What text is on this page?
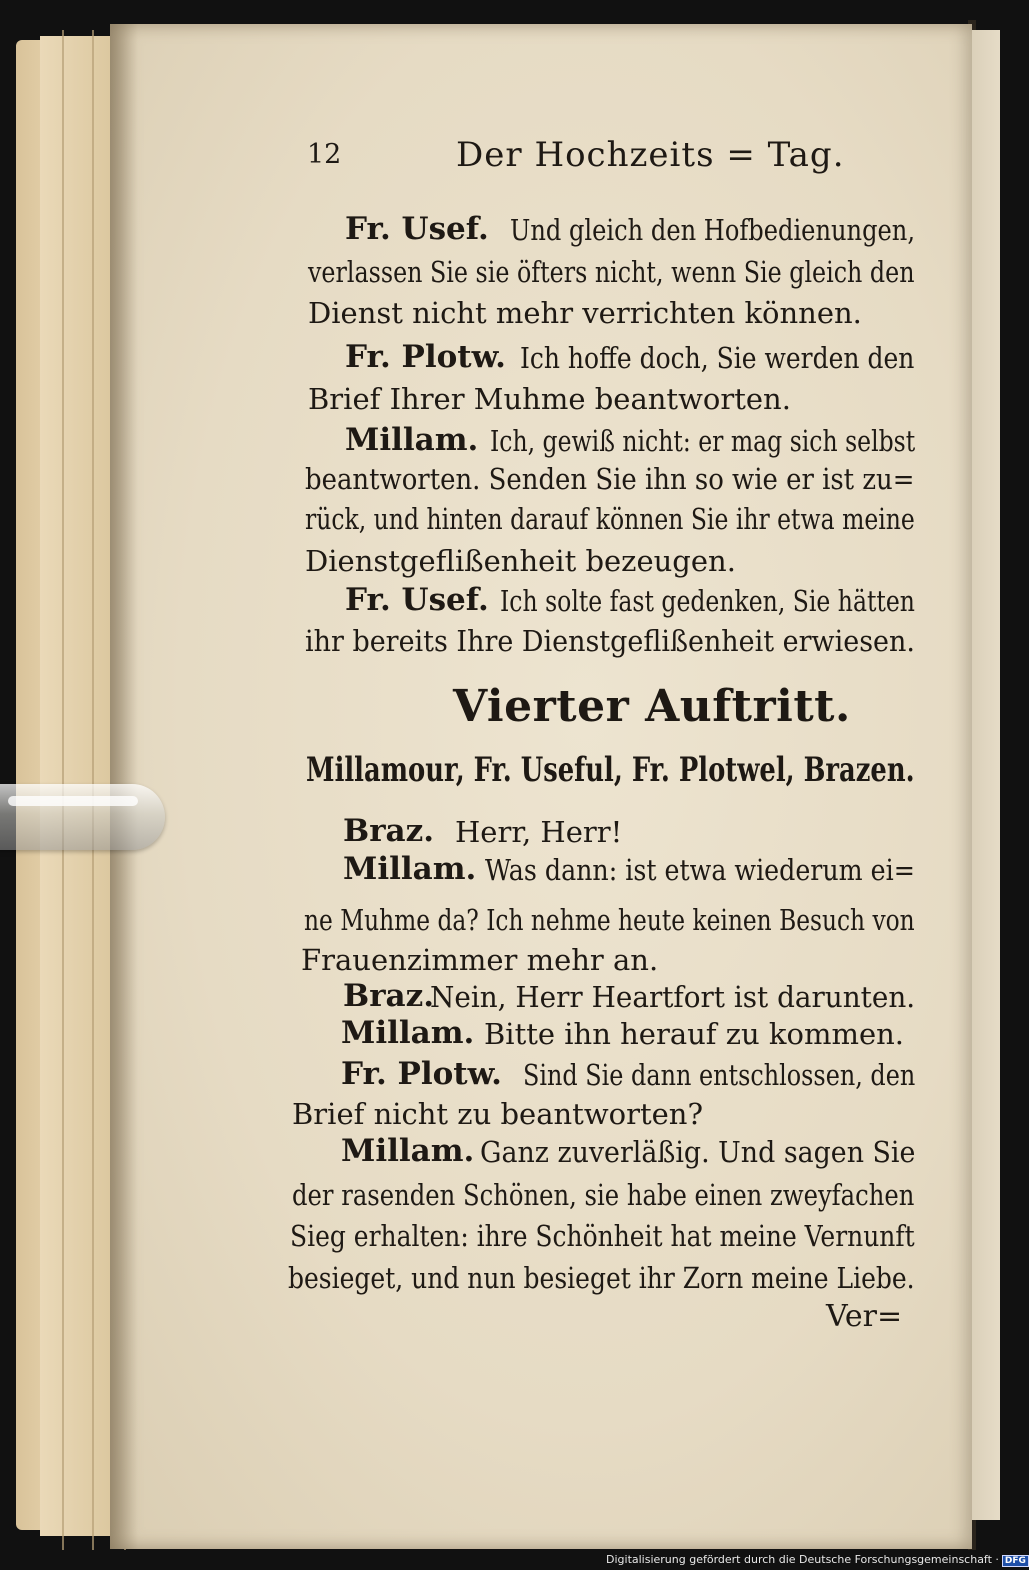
12	Der Hochzeits = Tag.
Fr. Usef. Und gleich den Hofbedienungen,
verlassen Sie sie öfters nicht, wenn Sie gleich den
Dienst nicht mehr verrichten können.
Fr. Plotw. Ich hoffe doch, Sie werden den
Brief Ihrer Muhme beantworten.
Millam. Ich, gewiß nicht: er mag sich selbst
beantworten. Senden Sie ihn so wie er ist zu=
rück, und hinten darauf können Sie ihr etwa meine
Dienstgeflißenheit bezeugen.
Fr. Usef. Ich solte fast gedenken, Sie hätten
ihr bereits Ihre Dienstgeflißenheit erwiesen.
Vierter Auftritt.
Millamour, Fr. Useful, Fr. Plotwel, Brazen.
Braz. Herr, Herr!
Millam. Was dann: ist etwa wiederum ei=
ne Muhme da? Ich nehme heute keinen Besuch von
Frauenzimmer mehr an.
Braz.
Nein, Herr Heartfort ist darunten.
Millam. Bitte ihn herauf zu kommen.
Fr. Plotw. Sind Sie dann entschlossen, den
Brief nicht zu beantworten?
Millam. Ganz zuverläßig. Und sagen Sie
der rasenden Schönen, sie habe einen zweyfachen
Sieg erhalten: ihre Schönheit hat meine Vernunft
besieget, und nun besieget ihr Zorn meine Liebe.
Ver=
Digitalisierung gefördert durch die Deutsche Forschungsgemeinschaft · DFG
